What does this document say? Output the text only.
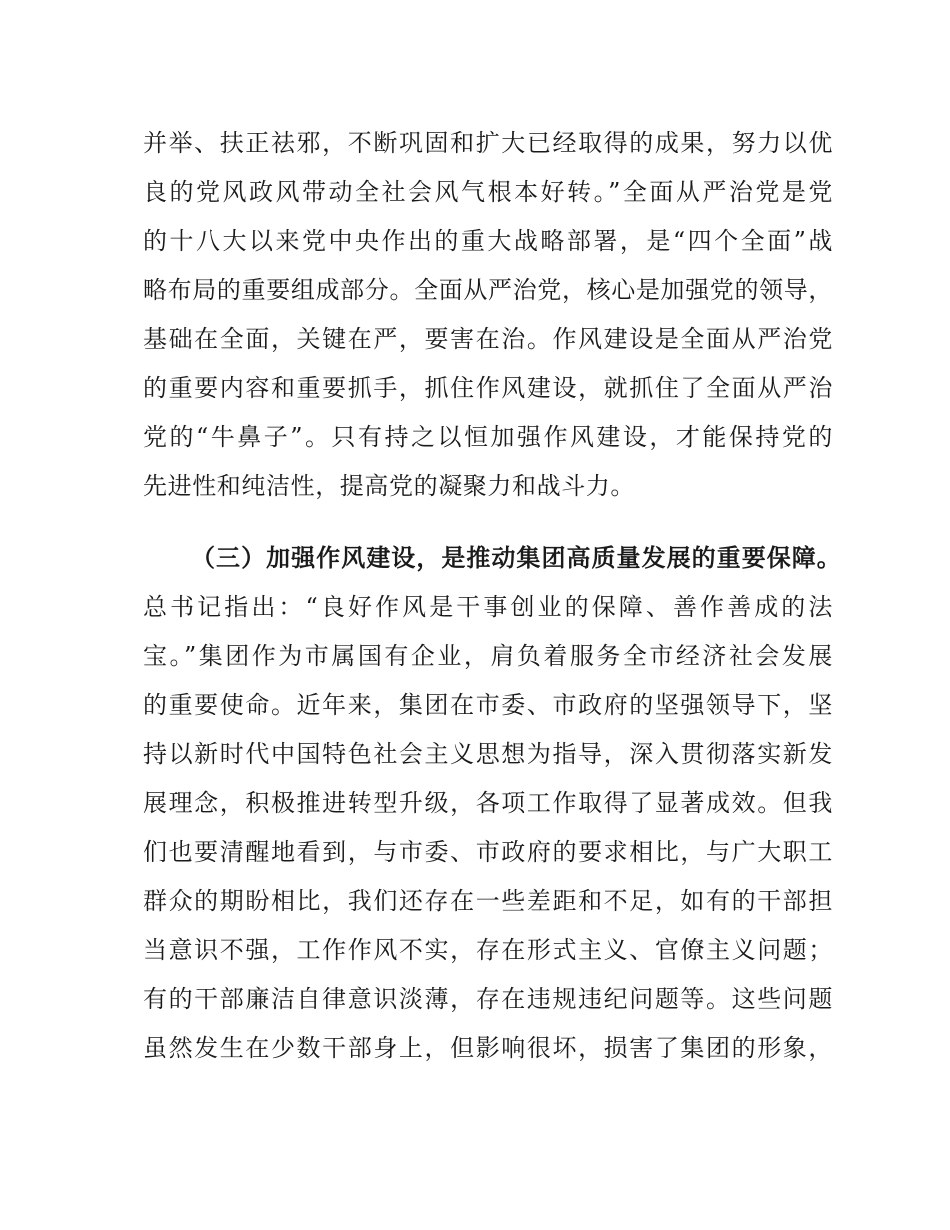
并举、扶正祛邪，不断巩固和扩大已经取得的成果，努力以优
良的党风政风带动全社会风气根本好转。”全面从严治党是党
的十八大以来党中央作出的重大战略部署，是“四个全面”战
略布局的重要组成部分。全面从严治党，核心是加强党的领导，
基础在全面，关键在严，要害在治。作风建设是全面从严治党
的重要内容和重要抓手，抓住作风建设，就抓住了全面从严治
党的“牛鼻子”。只有持之以恒加强作风建设，才能保持党的
先进性和纯洁性，提高党的凝聚力和战斗力。
（三）加强作风建设，是推动集团高质量发展的重要保障。
总书记指出：“良好作风是干事创业的保障、善作善成的法
宝。”集团作为市属国有企业，肩负着服务全市经济社会发展
的重要使命。近年来，集团在市委、市政府的坚强领导下，坚
持以新时代中国特色社会主义思想为指导，深入贯彻落实新发
展理念，积极推进转型升级，各项工作取得了显著成效。但我
们也要清醒地看到，与市委、市政府的要求相比，与广大职工
群众的期盼相比，我们还存在一些差距和不足，如有的干部担
当意识不强，工作作风不实，存在形式主义、官僚主义问题；
有的干部廉洁自律意识淡薄，存在违规违纪问题等。这些问题
虽然发生在少数干部身上，但影响很坏，损害了集团的形象，
